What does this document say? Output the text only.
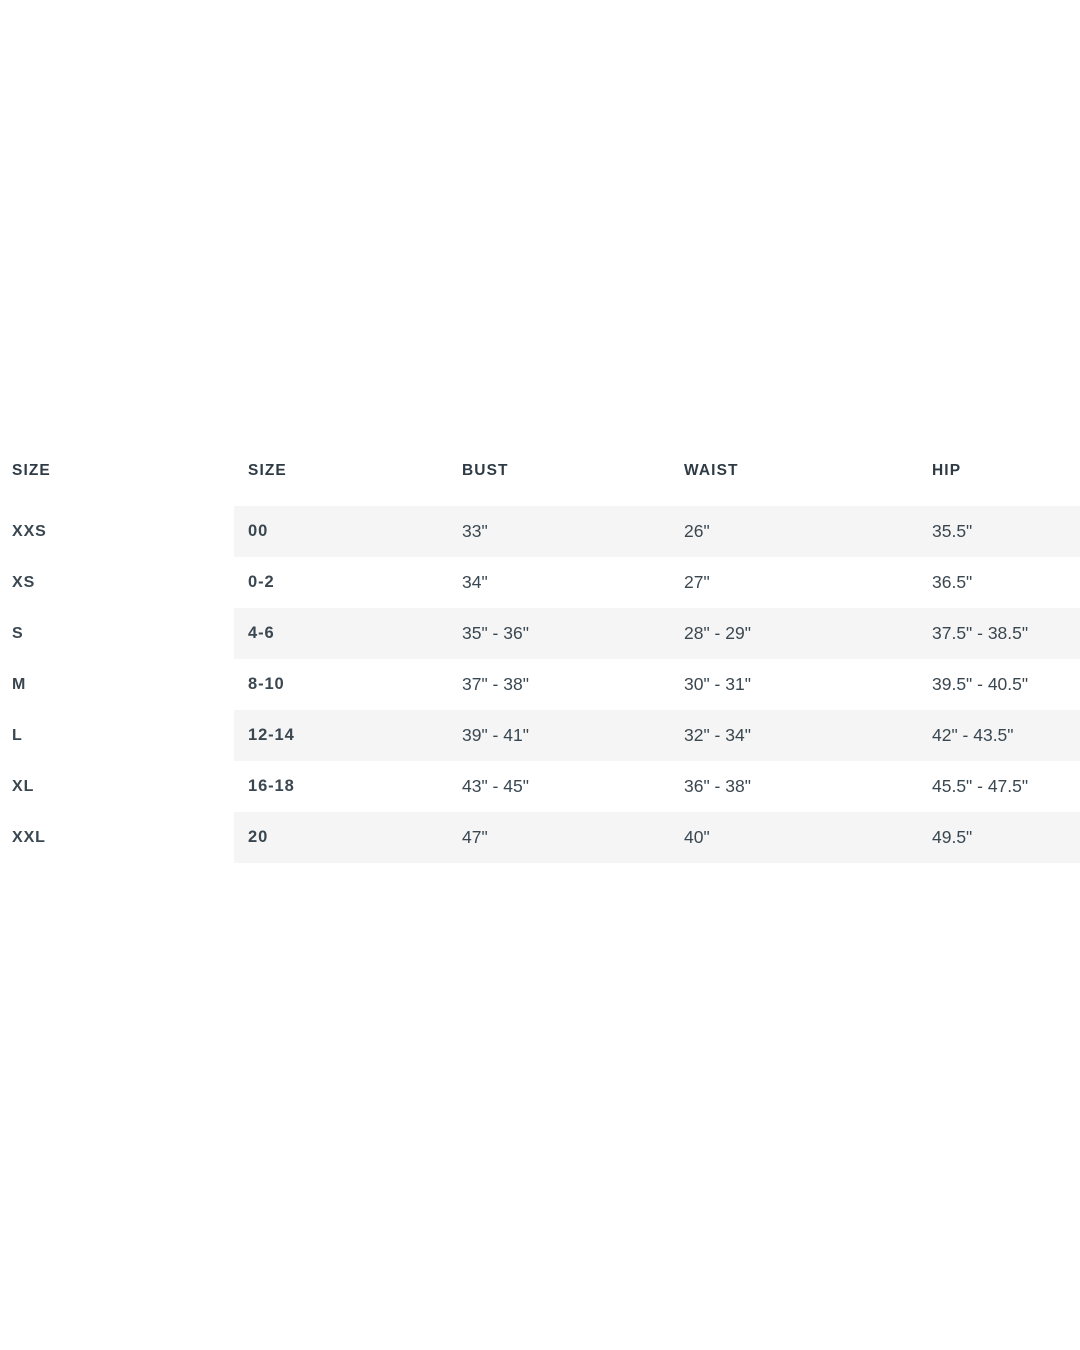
SIZE	SIZE	BUST	WAIST	HIP
XXS	00	33"	26"	35.5"
XS	0-2	34"	27"	36.5"
S	4-6	35" - 36"	28" - 29"	37.5" - 38.5"
M	8-10	37" - 38"	30" - 31"	39.5" - 40.5"
L	12-14	39" - 41"	32" - 34"	42" - 43.5"
XL	16-18	43" - 45"	36" - 38"	45.5" - 47.5"
XXL	20	47"	40"	49.5"
